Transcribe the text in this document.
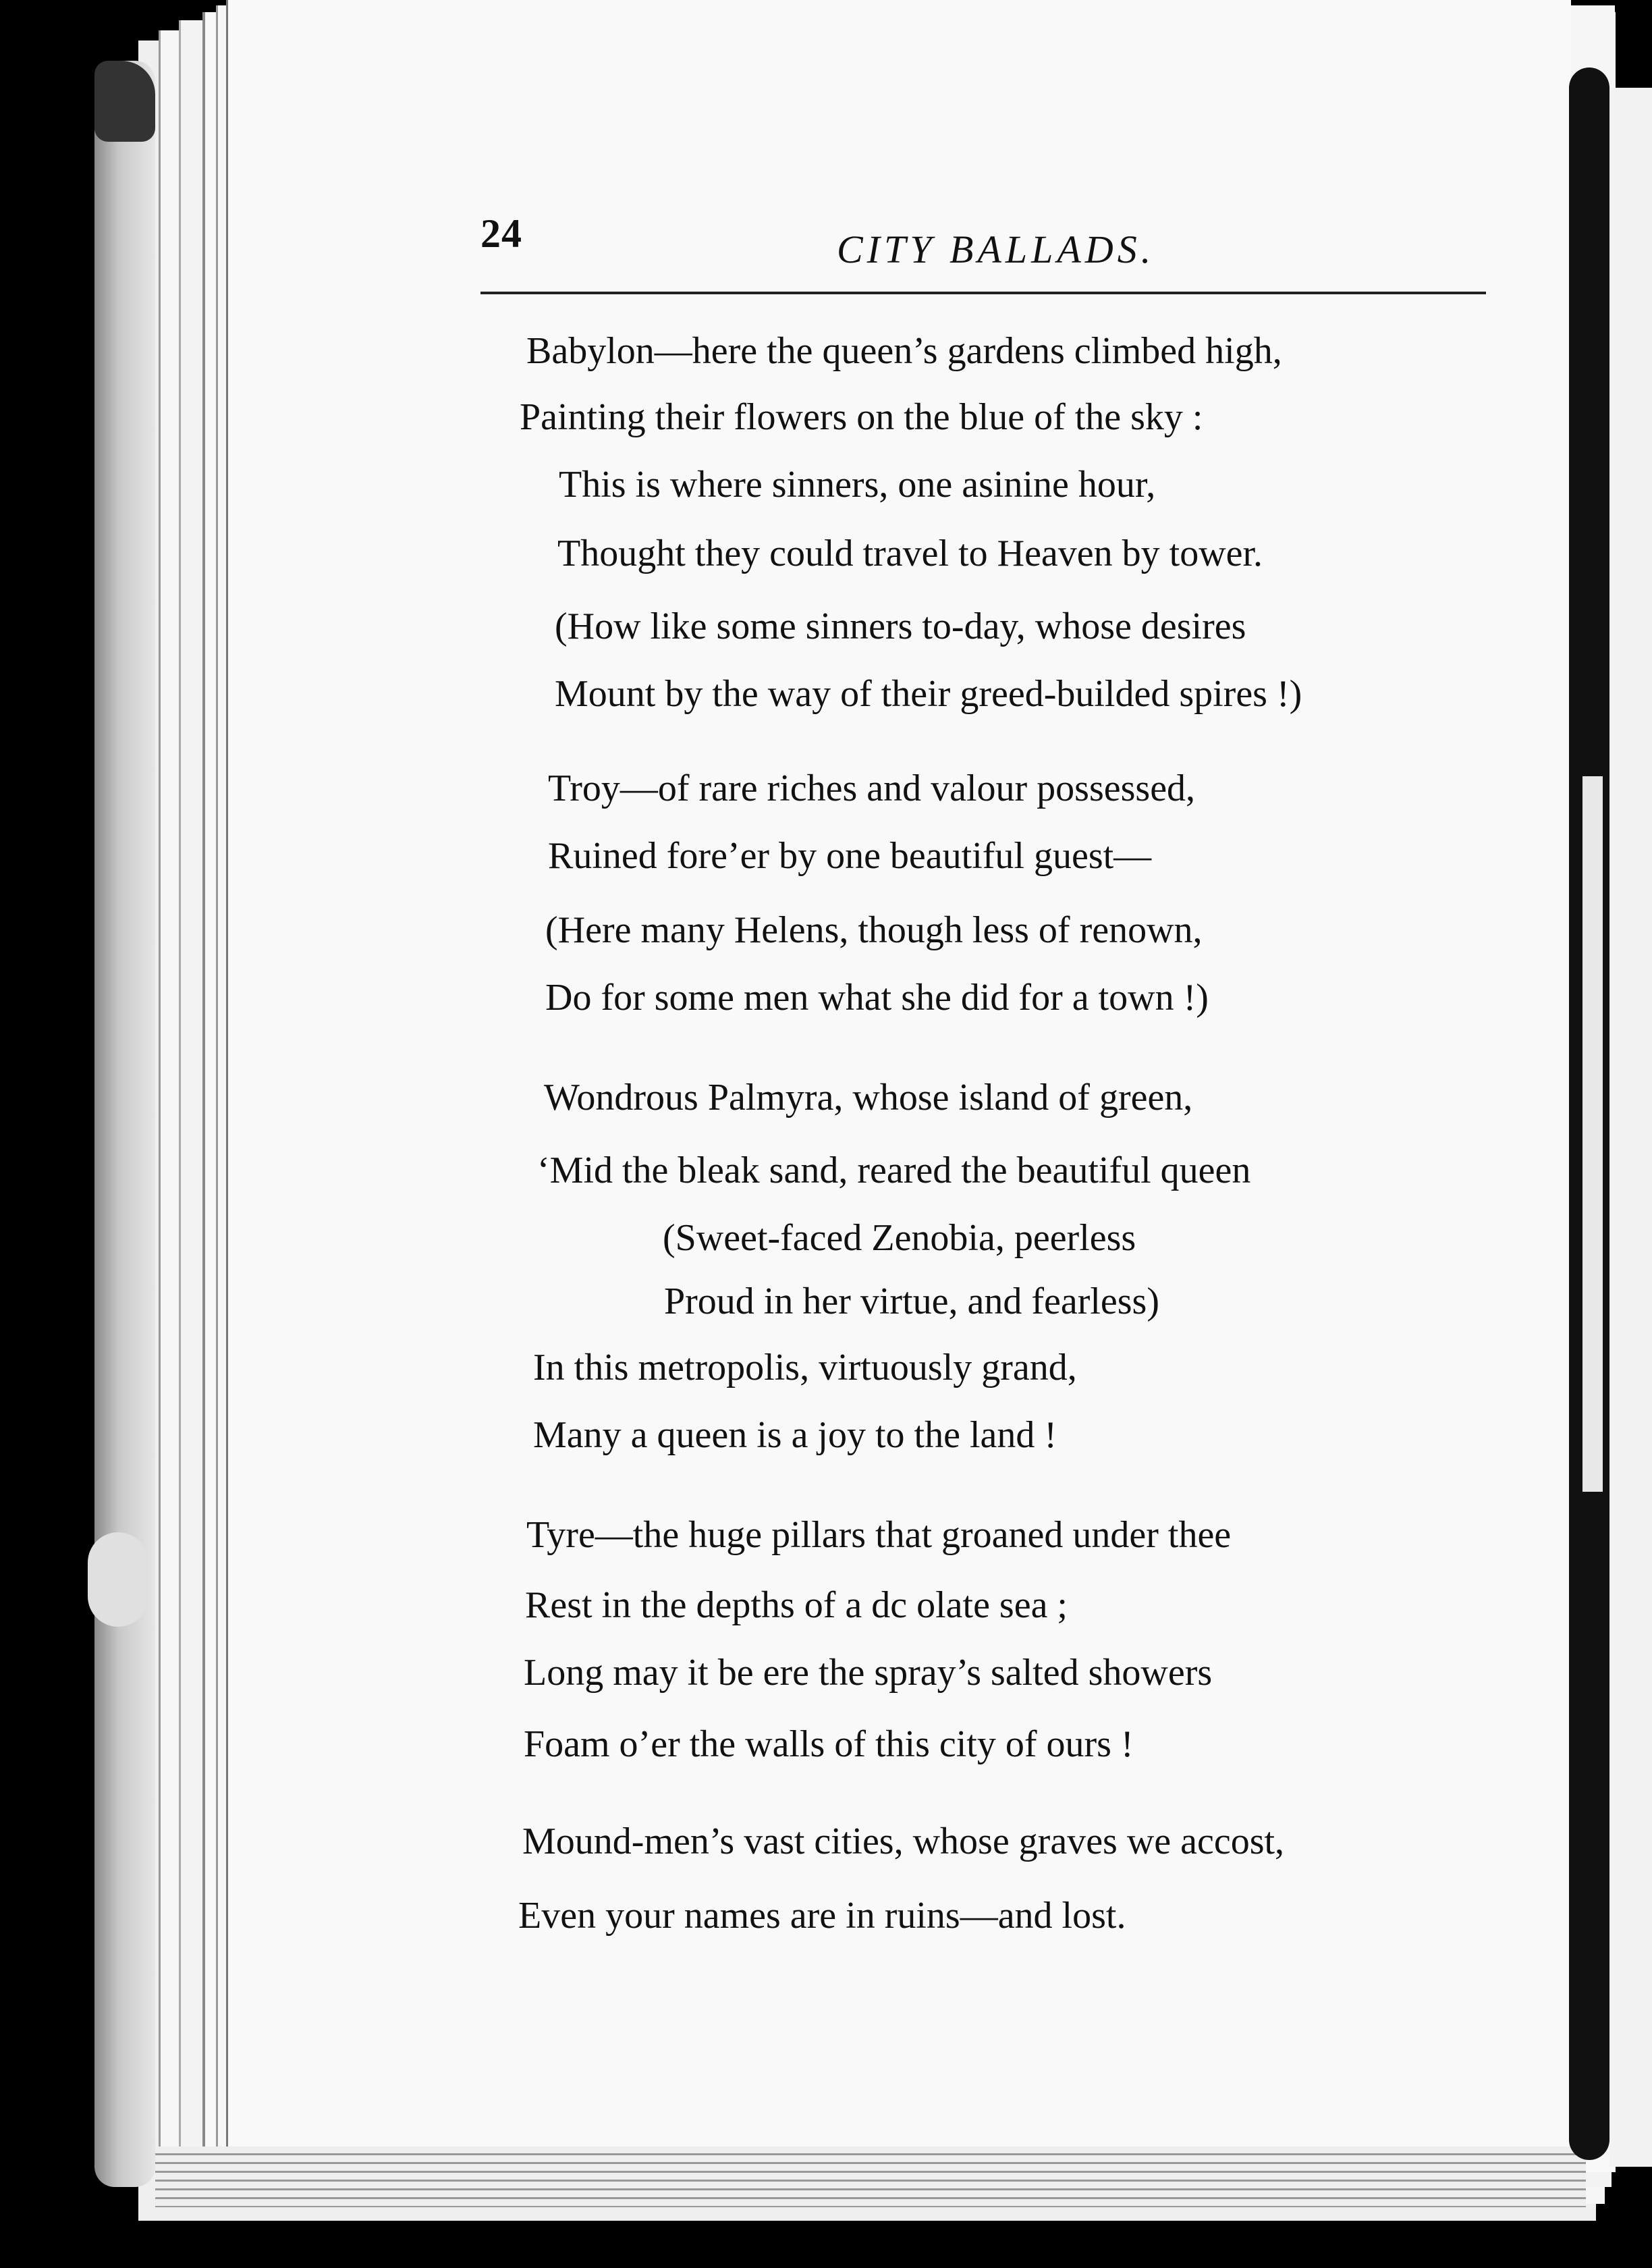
24	CITY BALLADS.
Babylon—here the queen’s gardens climbed high,
Painting their flowers on the blue of the sky :
This is where sinners, one asinine hour,
Thought they could travel to Heaven by tower.
(How like some sinners to-day, whose desires
Mount by the way of their greed-builded spires !)
Troy—of rare riches and valour possessed,
Ruined fore’er by one beautiful guest—
(Here many Helens, though less of renown,
Do for some men what she did for a town !)
Wondrous Palmyra, whose island of green,
‘Mid the bleak sand, reared the beautiful queen
(Sweet-faced Zenobia, peerless
Proud in her virtue, and fearless)
In this metropolis, virtuously grand,
Many a queen is a joy to the land !
Tyre—the huge pillars that groaned under thee
Rest in the depths of a dc olate sea ;
Long may it be ere the spray’s salted showers
Foam o’er the walls of this city of ours !
Mound-men’s vast cities, whose graves we accost,
Even your names are in ruins—and lost.
